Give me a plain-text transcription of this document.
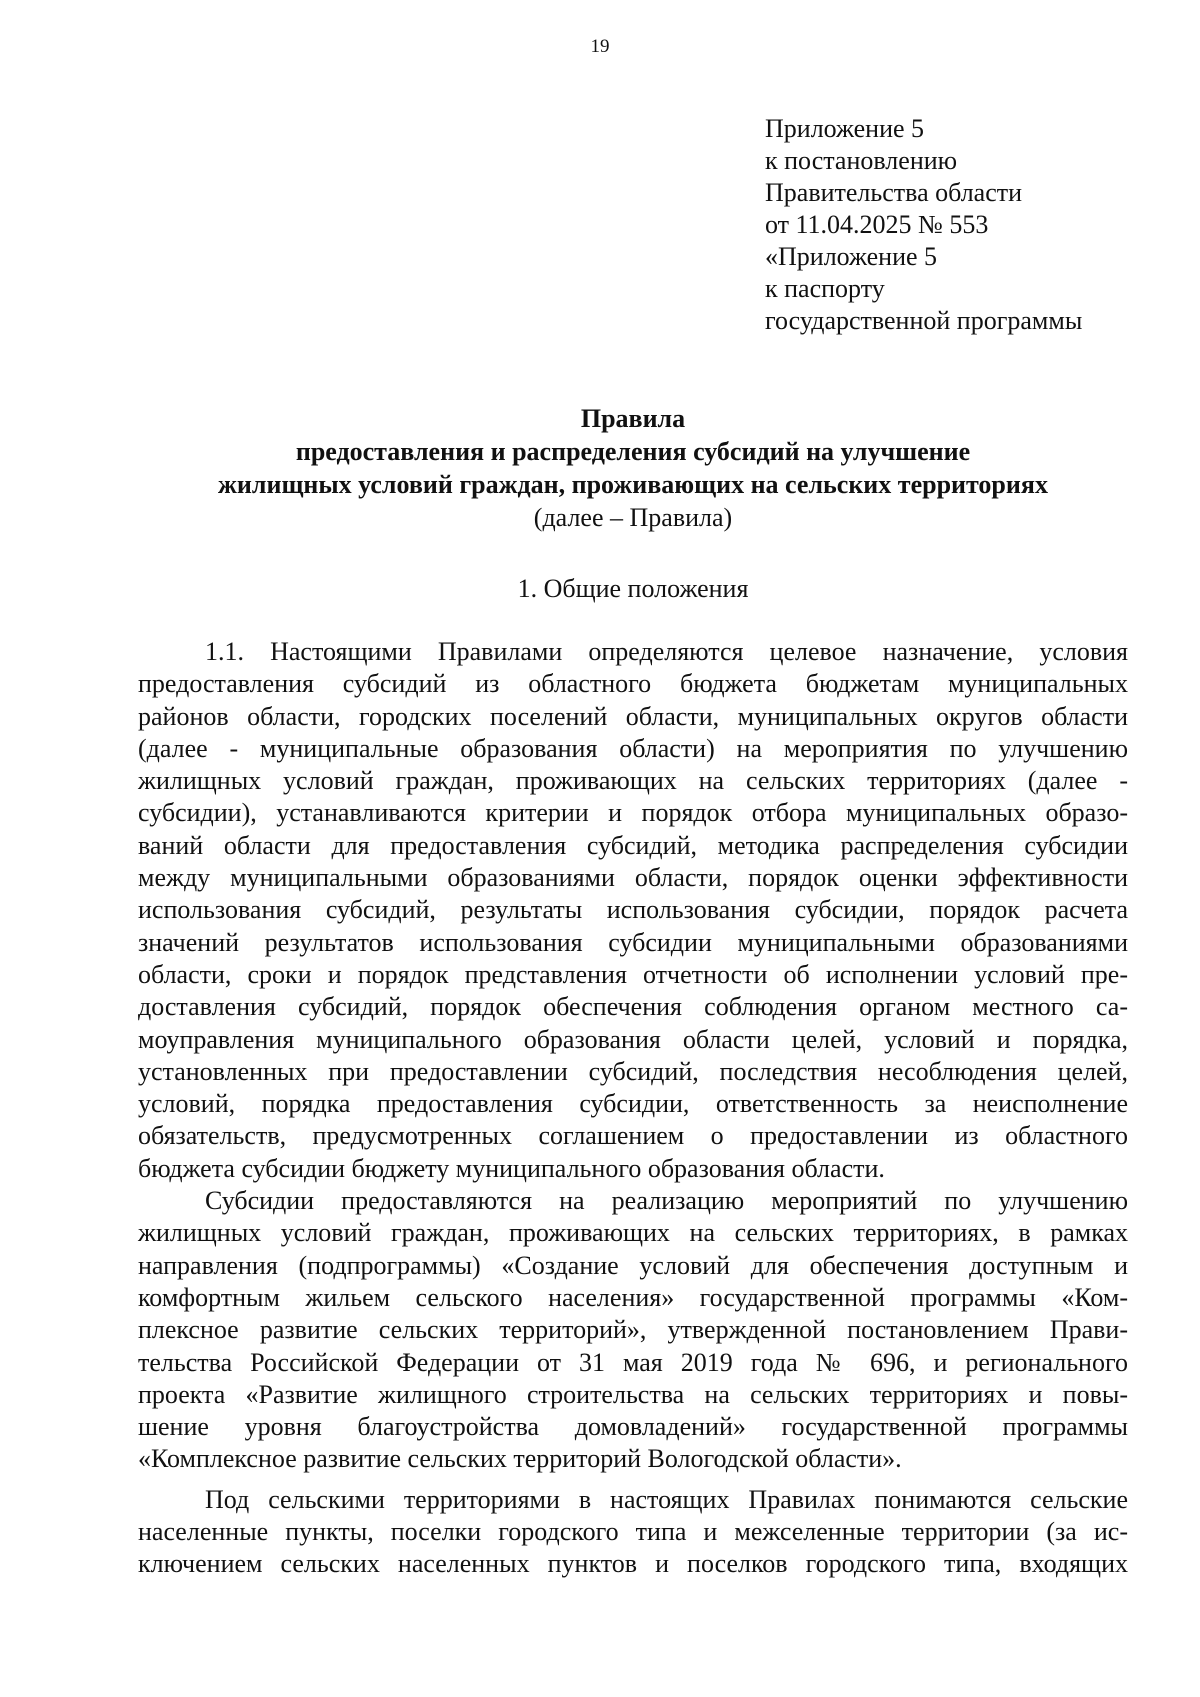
19
Приложение 5
к постановлению
Правительства области
от 11.04.2025 № 553
«Приложение 5
к паспорту
государственной программы
Правила
предоставления и распределения субсидий на улучшение
жилищных условий граждан, проживающих на сельских территориях
(далее – Правила)
1. Общие положения
1.1. Настоящими Правилами определяются целевое назначение, условия
предоставления субсидий из областного бюджета бюджетам муниципальных
районов области, городских поселений области, муниципальных округов области
(далее - муниципальные образования области) на мероприятия по улучшению
жилищных условий граждан, проживающих на сельских территориях (далее -
субсидии), устанавливаются критерии и порядок отбора муниципальных образо-
ваний области для предоставления субсидий, методика распределения субсидии
между муниципальными образованиями области, порядок оценки эффективности
использования субсидий, результаты использования субсидии, порядок расчета
значений результатов использования субсидии муниципальными образованиями
области, сроки и порядок представления отчетности об исполнении условий пре-
доставления субсидий, порядок обеспечения соблюдения органом местного са-
моуправления муниципального образования области целей, условий и порядка,
установленных при предоставлении субсидий, последствия несоблюдения целей,
условий, порядка предоставления субсидии, ответственность за неисполнение
обязательств, предусмотренных соглашением о предоставлении из областного
бюджета субсидии бюджету муниципального образования области.
Субсидии предоставляются на реализацию мероприятий по улучшению
жилищных условий граждан, проживающих на сельских территориях, в рамках
направления (подпрограммы) «Создание условий для обеспечения доступным и
комфортным жильем сельского населения» государственной программы «Ком-
плексное развитие сельских территорий», утвержденной постановлением Прави-
тельства Российской Федерации от 31 мая 2019 года № 696, и регионального
проекта «Развитие жилищного строительства на сельских территориях и повы-
шение уровня благоустройства домовладений» государственной программы
«Комплексное развитие сельских территорий Вологодской области».
Под сельскими территориями в настоящих Правилах понимаются сельские
населенные пункты, поселки городского типа и межселенные территории (за ис-
ключением сельских населенных пунктов и поселков городского типа, входящих
